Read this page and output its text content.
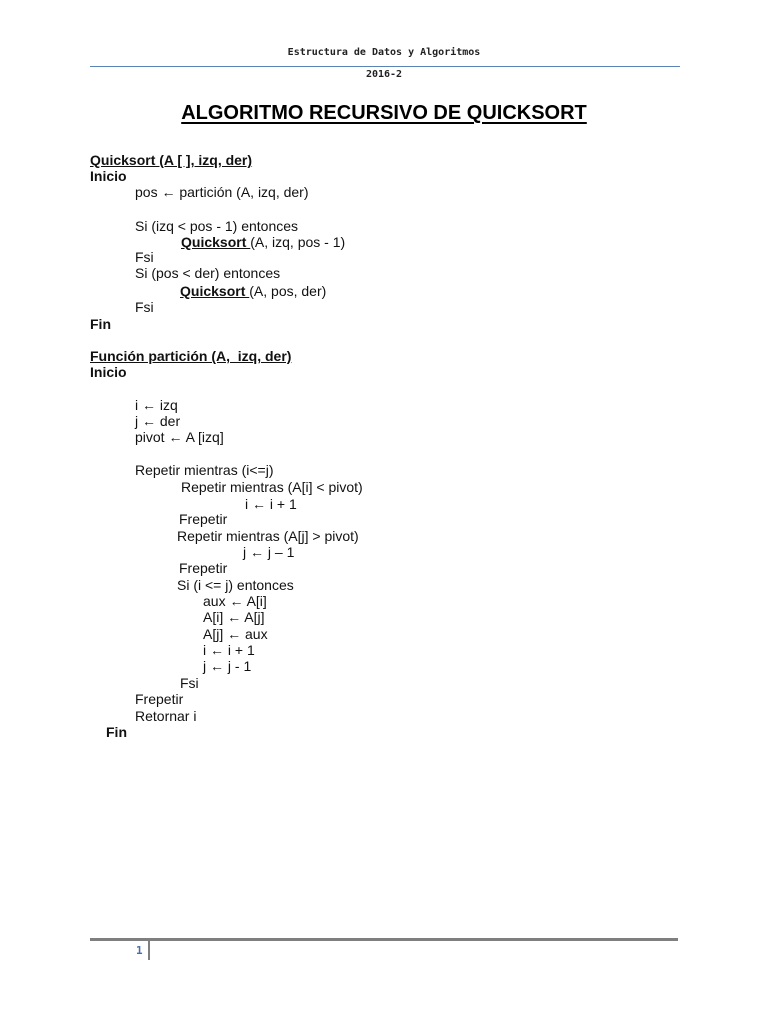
Estructura de Datos y Algoritmos
2016-2
ALGORITMO RECURSIVO DE QUICKSORT
Quicksort (A [ ], izq, der)
Inicio
pos ← partición (A, izq, der)
Si (izq < pos - 1) entonces
Quicksort (A, izq, pos - 1)
Fsi
Si (pos < der) entonces
Quicksort (A, pos, der)
Fsi
Fin
Función partición (A,  izq, der)
Inicio
i ← izq
j ← der
pivot ← A [izq]
Repetir mientras (i<=j)
Repetir mientras (A[i] < pivot)
i ← i + 1
Frepetir
Repetir mientras (A[j] > pivot)
j ← j – 1
Frepetir
Si (i <= j) entonces
aux ← A[i]
A[i] ← A[j]
A[j] ← aux
i ← i + 1
j ← j - 1
Fsi
Frepetir
Retornar i
Fin
1
